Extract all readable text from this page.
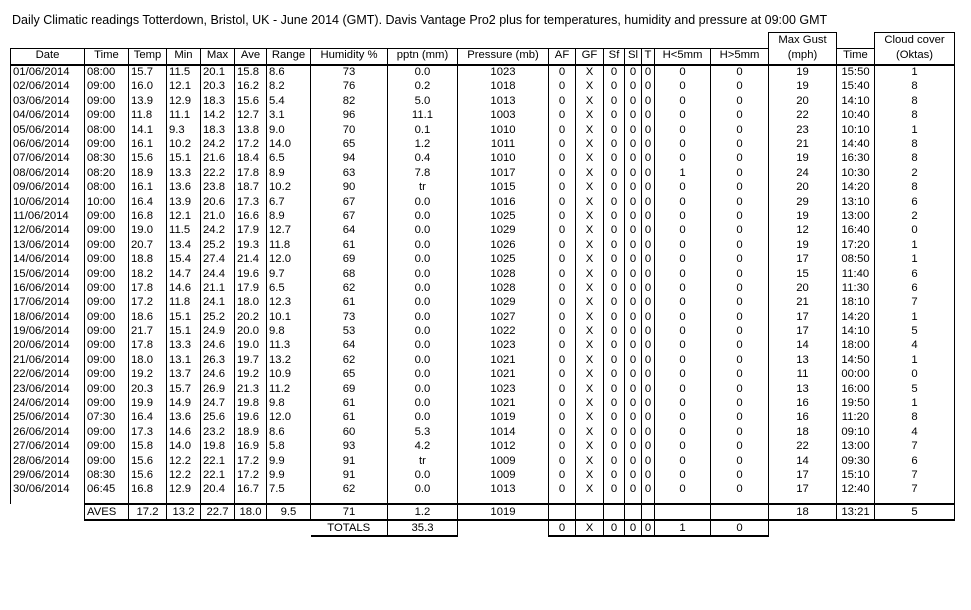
Daily Climatic readings Totterdown, Bristol, UK - June 2014 (GMT). Davis Vantage Pro2 plus for temperatures, humidity and pressure at 09:00 GMT
																	Max Gust		Cloud cover
Date	Time	Temp	Min	Max	Ave	Range	Humidity %	pptn (mm)	Pressure (mb)	AF	GF	Sf	Sl	T	H<5mm	H>5mm	(mph)	Time	(Oktas)
01/06/2014	08:00	15.7	11.5	20.1	15.8	8.6	73	0.0	1023	0	X	0	0	0	0	0	19	15:50	1
02/06/2014	09:00	16.0	12.1	20.3	16.2	8.2	76	0.2	1018	0	X	0	0	0	0	0	19	15:40	8
03/06/2014	09:00	13.9	12.9	18.3	15.6	5.4	82	5.0	1013	0	X	0	0	0	0	0	20	14:10	8
04/06/2014	09:00	11.8	11.1	14.2	12.7	3.1	96	11.1	1003	0	X	0	0	0	0	0	22	10:40	8
05/06/2014	08:00	14.1	9.3	18.3	13.8	9.0	70	0.1	1010	0	X	0	0	0	0	0	23	10:10	1
06/06/2014	09:00	16.1	10.2	24.2	17.2	14.0	65	1.2	1011	0	X	0	0	0	0	0	21	14:40	8
07/06/2014	08:30	15.6	15.1	21.6	18.4	6.5	94	0.4	1010	0	X	0	0	0	0	0	19	16:30	8
08/06/2014	08:20	18.9	13.3	22.2	17.8	8.9	63	7.8	1017	0	X	0	0	0	1	0	24	10:30	2
09/06/2014	08:00	16.1	13.6	23.8	18.7	10.2	90	tr	1015	0	X	0	0	0	0	0	20	14:20	8
10/06/2014	10:00	16.4	13.9	20.6	17.3	6.7	67	0.0	1016	0	X	0	0	0	0	0	29	13:10	6
11/06/2014	09:00	16.8	12.1	21.0	16.6	8.9	67	0.0	1025	0	X	0	0	0	0	0	19	13:00	2
12/06/2014	09:00	19.0	11.5	24.2	17.9	12.7	64	0.0	1029	0	X	0	0	0	0	0	12	16:40	0
13/06/2014	09:00	20.7	13.4	25.2	19.3	11.8	61	0.0	1026	0	X	0	0	0	0	0	19	17:20	1
14/06/2014	09:00	18.8	15.4	27.4	21.4	12.0	69	0.0	1025	0	X	0	0	0	0	0	17	08:50	1
15/06/2014	09:00	18.2	14.7	24.4	19.6	9.7	68	0.0	1028	0	X	0	0	0	0	0	15	11:40	6
16/06/2014	09:00	17.8	14.6	21.1	17.9	6.5	62	0.0	1028	0	X	0	0	0	0	0	20	11:30	6
17/06/2014	09:00	17.2	11.8	24.1	18.0	12.3	61	0.0	1029	0	X	0	0	0	0	0	21	18:10	7
18/06/2014	09:00	18.6	15.1	25.2	20.2	10.1	73	0.0	1027	0	X	0	0	0	0	0	17	14:20	1
19/06/2014	09:00	21.7	15.1	24.9	20.0	9.8	53	0.0	1022	0	X	0	0	0	0	0	17	14:10	5
20/06/2014	09:00	17.8	13.3	24.6	19.0	11.3	64	0.0	1023	0	X	0	0	0	0	0	14	18:00	4
21/06/2014	09:00	18.0	13.1	26.3	19.7	13.2	62	0.0	1021	0	X	0	0	0	0	0	13	14:50	1
22/06/2014	09:00	19.2	13.7	24.6	19.2	10.9	65	0.0	1021	0	X	0	0	0	0	0	11	00:00	0
23/06/2014	09:00	20.3	15.7	26.9	21.3	11.2	69	0.0	1023	0	X	0	0	0	0	0	13	16:00	5
24/06/2014	09:00	19.9	14.9	24.7	19.8	9.8	61	0.0	1021	0	X	0	0	0	0	0	16	19:50	1
25/06/2014	07:30	16.4	13.6	25.6	19.6	12.0	61	0.0	1019	0	X	0	0	0	0	0	16	11:20	8
26/06/2014	09:00	17.3	14.6	23.2	18.9	8.6	60	5.3	1014	0	X	0	0	0	0	0	18	09:10	4
27/06/2014	09:00	15.8	14.0	19.8	16.9	5.8	93	4.2	1012	0	X	0	0	0	0	0	22	13:00	7
28/06/2014	09:00	15.6	12.2	22.1	17.2	9.9	91	tr	1009	0	X	0	0	0	0	0	14	09:30	6
29/06/2014	08:30	15.6	12.2	22.1	17.2	9.9	91	0.0	1009	0	X	0	0	0	0	0	17	15:10	7
30/06/2014	06:45	16.8	12.9	20.4	16.7	7.5	62	0.0	1013	0	X	0	0	0	0	0	17	12:40	7

	AVES	17.2	13.2	22.7	18.0	9.5	71	1.2	1019								18	13:21	5
							TOTALS	35.3		0	X	0	0	0	1	0			
